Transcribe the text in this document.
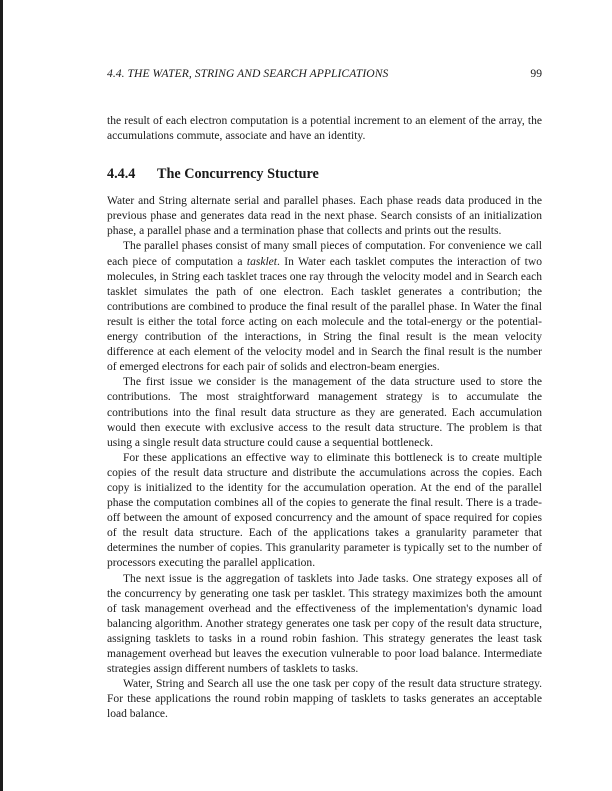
4.4. THE WATER, STRING AND SEARCH APPLICATIONS	99

the result of each electron computation is a potential increment to an element of the array, the accumulations commute, associate and have an identity.

4.4.4 The Concurrency Stucture

Water and String alternate serial and parallel phases. Each phase reads data produced in the previous phase and generates data read in the next phase. Search consists of an initialization phase, a parallel phase and a termination phase that collects and prints out the results.

The parallel phases consist of many small pieces of computation. For convenience we call each piece of computation a tasklet. In Water each tasklet computes the interaction of two molecules, in String each tasklet traces one ray through the velocity model and in Search each tasklet simulates the path of one electron. Each tasklet generates a contribution; the contributions are combined to produce the final result of the parallel phase. In Water the final result is either the total force acting on each molecule and the total-energy or the potential-energy contribution of the interactions, in String the final result is the mean velocity difference at each element of the velocity model and in Search the final result is the number of emerged electrons for each pair of solids and electron-beam energies.

The first issue we consider is the management of the data structure used to store the contributions. The most straightforward management strategy is to accumulate the contributions into the final result data structure as they are generated. Each accumulation would then execute with exclusive access to the result data structure. The problem is that using a single result data structure could cause a sequential bottleneck.

For these applications an effective way to eliminate this bottleneck is to create multiple copies of the result data structure and distribute the accumulations across the copies. Each copy is initialized to the identity for the accumulation operation. At the end of the parallel phase the computation combines all of the copies to generate the final result. There is a trade-off between the amount of exposed concurrency and the amount of space required for copies of the result data structure. Each of the applications takes a granularity parameter that determines the number of copies. This granularity parameter is typically set to the number of processors executing the parallel application.

The next issue is the aggregation of tasklets into Jade tasks. One strategy exposes all of the concurrency by generating one task per tasklet. This strategy maximizes both the amount of task management overhead and the effectiveness of the implementation's dynamic load balancing algorithm. Another strategy generates one task per copy of the result data structure, assigning tasklets to tasks in a round robin fashion. This strategy generates the least task management overhead but leaves the execution vulnerable to poor load balance. Intermediate strategies assign different numbers of tasklets to tasks.

Water, String and Search all use the one task per copy of the result data structure strategy. For these applications the round robin mapping of tasklets to tasks generates an acceptable load balance.
